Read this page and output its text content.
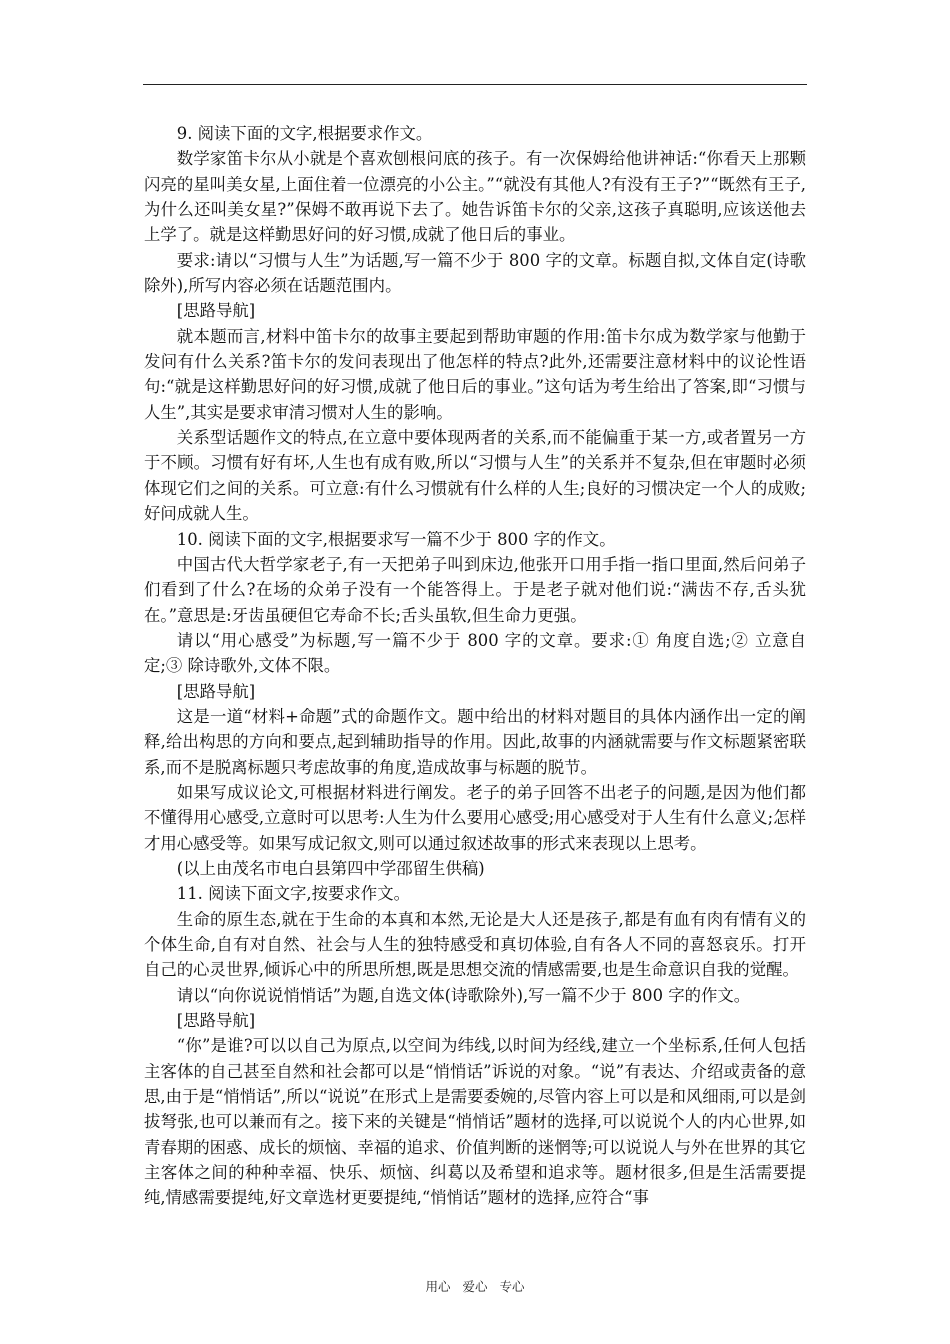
9. 阅读下面的文字,根据要求作文。

数学家笛卡尔从小就是个喜欢刨根问底的孩子。有一次保姆给他讲神话:“你看天上那颗闪亮的星叫美女星,上面住着一位漂亮的小公主。”“就没有其他人?有没有王子?”“既然有王子,为什么还叫美女星?”保姆不敢再说下去了。她告诉笛卡尔的父亲,这孩子真聪明,应该送他去上学了。就是这样勤思好问的好习惯,成就了他日后的事业。

要求:请以“习惯与人生”为话题,写一篇不少于 800 字的文章。标题自拟,文体自定(诗歌除外),所写内容必须在话题范围内。

[思路导航]

就本题而言,材料中笛卡尔的故事主要起到帮助审题的作用:笛卡尔成为数学家与他勤于发问有什么关系?笛卡尔的发问表现出了他怎样的特点?此外,还需要注意材料中的议论性语句:“就是这样勤思好问的好习惯,成就了他日后的事业。”这句话为考生给出了答案,即“习惯与人生”,其实是要求审清习惯对人生的影响。

关系型话题作文的特点,在立意中要体现两者的关系,而不能偏重于某一方,或者置另一方于不顾。习惯有好有坏,人生也有成有败,所以“习惯与人生”的关系并不复杂,但在审题时必须体现它们之间的关系。可立意:有什么习惯就有什么样的人生;良好的习惯决定一个人的成败;好问成就人生。

10. 阅读下面的文字,根据要求写一篇不少于 800 字的作文。

中国古代大哲学家老子,有一天把弟子叫到床边,他张开口用手指一指口里面,然后问弟子们看到了什么?在场的众弟子没有一个能答得上。于是老子就对他们说:“满齿不存,舌头犹在。”意思是:牙齿虽硬但它寿命不长;舌头虽软,但生命力更强。

请以“用心感受”为标题,写一篇不少于 800 字的文章。要求:① 角度自选;② 立意自定;③ 除诗歌外,文体不限。

[思路导航]

这是一道“材料+命题”式的命题作文。题中给出的材料对题目的具体内涵作出一定的阐释,给出构思的方向和要点,起到辅助指导的作用。因此,故事的内涵就需要与作文标题紧密联系,而不是脱离标题只考虑故事的角度,造成故事与标题的脱节。

如果写成议论文,可根据材料进行阐发。老子的弟子回答不出老子的问题,是因为他们都不懂得用心感受,立意时可以思考:人生为什么要用心感受;用心感受对于人生有什么意义;怎样才用心感受等。如果写成记叙文,则可以通过叙述故事的形式来表现以上思考。

(以上由茂名市电白县第四中学邵留生供稿)

11. 阅读下面文字,按要求作文。

生命的原生态,就在于生命的本真和本然,无论是大人还是孩子,都是有血有肉有情有义的个体生命,自有对自然、社会与人生的独特感受和真切体验,自有各人不同的喜怒哀乐。打开自己的心灵世界,倾诉心中的所思所想,既是思想交流的情感需要,也是生命意识自我的觉醒。

请以“向你说说悄悄话”为题,自选文体(诗歌除外),写一篇不少于 800 字的作文。

[思路导航]

“你”是谁?可以以自己为原点,以空间为纬线,以时间为经线,建立一个坐标系,任何人包括主客体的自己甚至自然和社会都可以是“悄悄话”诉说的对象。“说”有表达、介绍或责备的意思,由于是“悄悄话”,所以“说说”在形式上是需要委婉的,尽管内容上可以是和风细雨,可以是剑拔弩张,也可以兼而有之。接下来的关键是“悄悄话”题材的选择,可以说说个人的内心世界,如青春期的困惑、成长的烦恼、幸福的追求、价值判断的迷惘等;可以说说人与外在世界的其它主客体之间的种种幸福、快乐、烦恼、纠葛以及希望和追求等。题材很多,但是生活需要提纯,情感需要提纯,好文章选材更要提纯,“悄悄话”题材的选择,应符合“事

用心 爱心 专心
